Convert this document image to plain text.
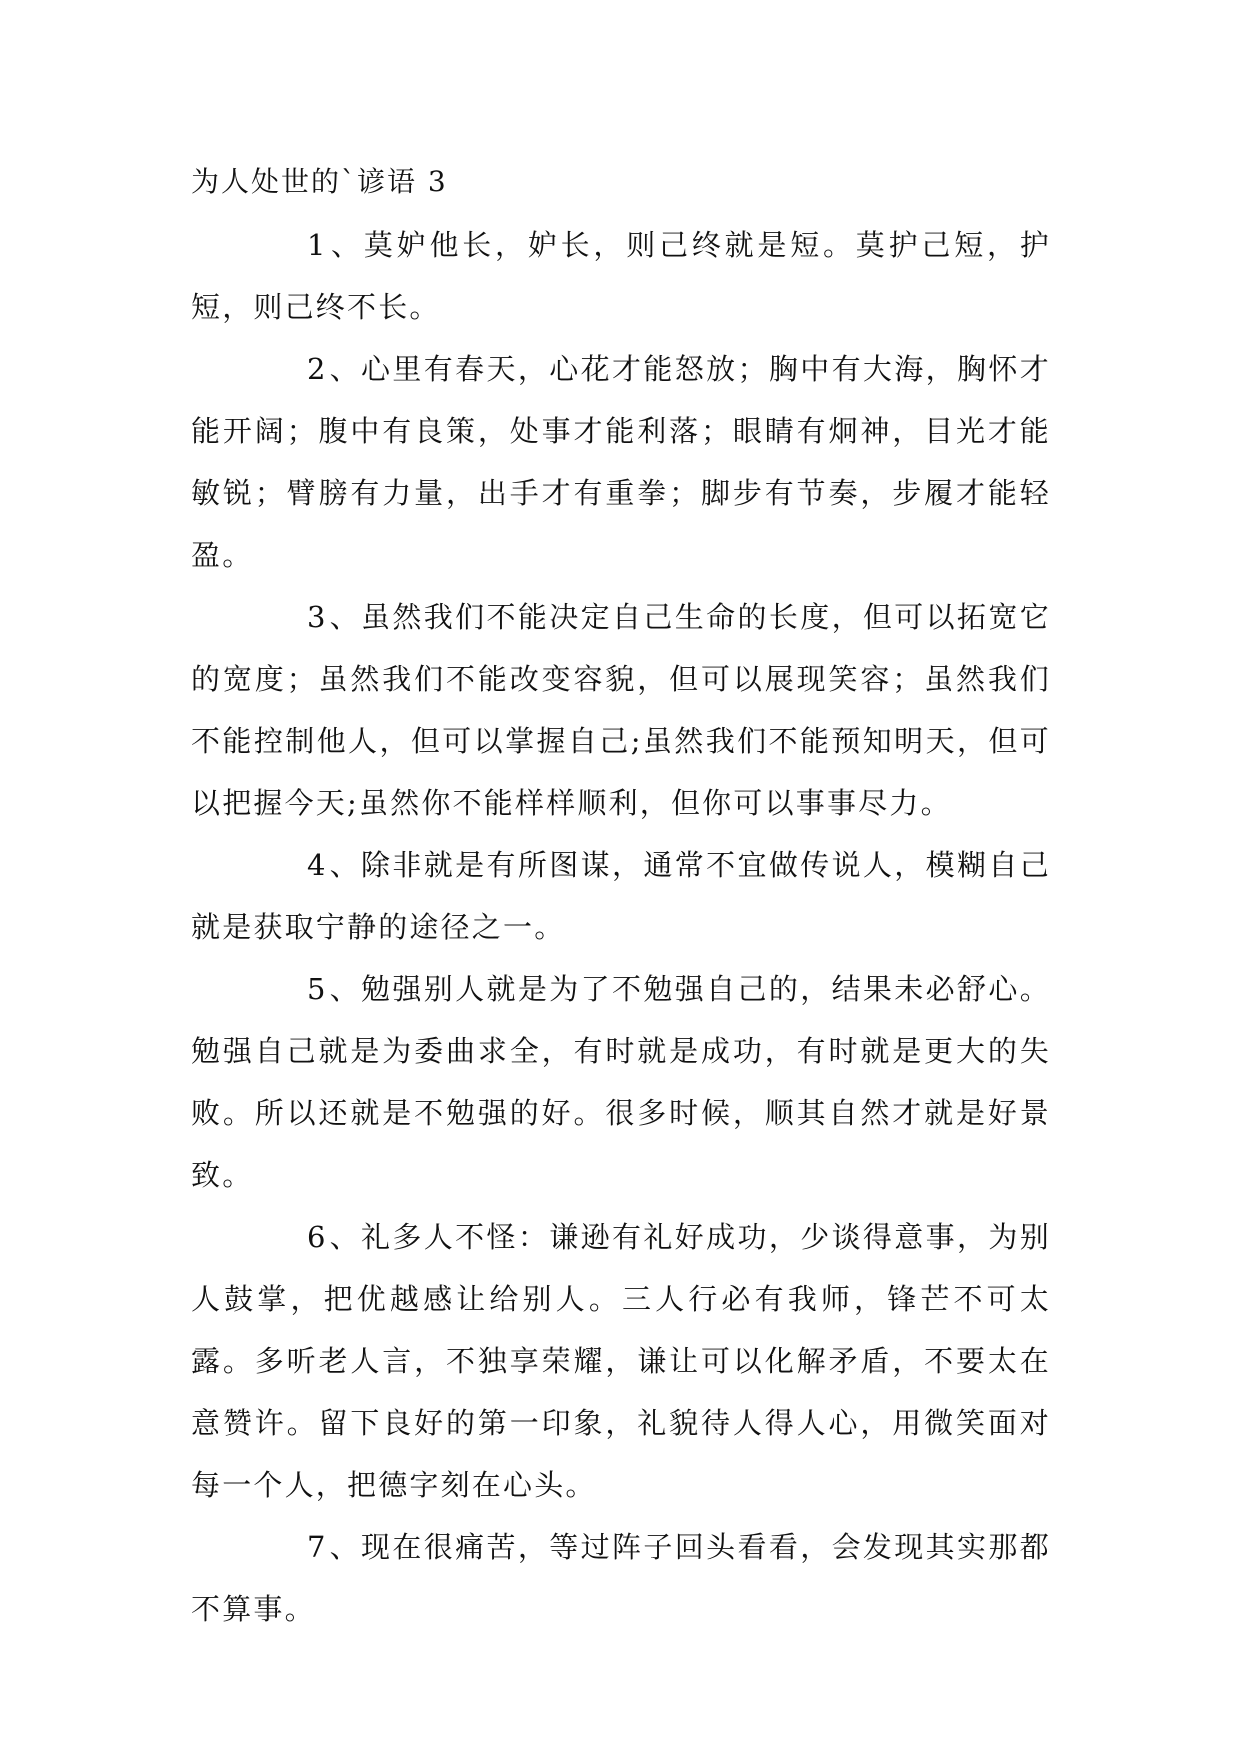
为人处世的`谚语 3

1 、莫妒他长，妒长，则己终就是短。莫护己短，护短，则己终不长。

2 、心里有春天，心花才能怒放；胸中有大海，胸怀才能开阔；腹中有良策，处事才能利落；眼睛有炯神，目光才能敏锐；臂膀有力量，出手才有重拳；脚步有节奏，步履才能轻盈。

3 、虽然我们不能决定自己生命的长度，但可以拓宽它的宽度；虽然我们不能改变容貌，但可以展现笑容；虽然我们不能控制他人，但可以掌握自己;虽然我们不能预知明天，但可以把握今天;虽然你不能样样顺利，但你可以事事尽力。

4 、除非就是有所图谋，通常不宜做传说人，模糊自己就是获取宁静的途径之一。

5 、勉强别人就是为了不勉强自己的，结果未必舒心。勉强自己就是为委曲求全，有时就是成功，有时就是更大的失败。所以还就是不勉强的好。很多时候，顺其自然才就是好景致。

6 、礼多人不怪：谦逊有礼好成功，少谈得意事，为别人鼓掌，把优越感让给别人。三人行必有我师，锋芒不可太露。多听老人言，不独享荣耀，谦让可以化解矛盾，不要太在意赞许。留下良好的第一印象，礼貌待人得人心，用微笑面对每一个人，把德字刻在心头。

7 、现在很痛苦，等过阵子回头看看，会发现其实那都不算事。
